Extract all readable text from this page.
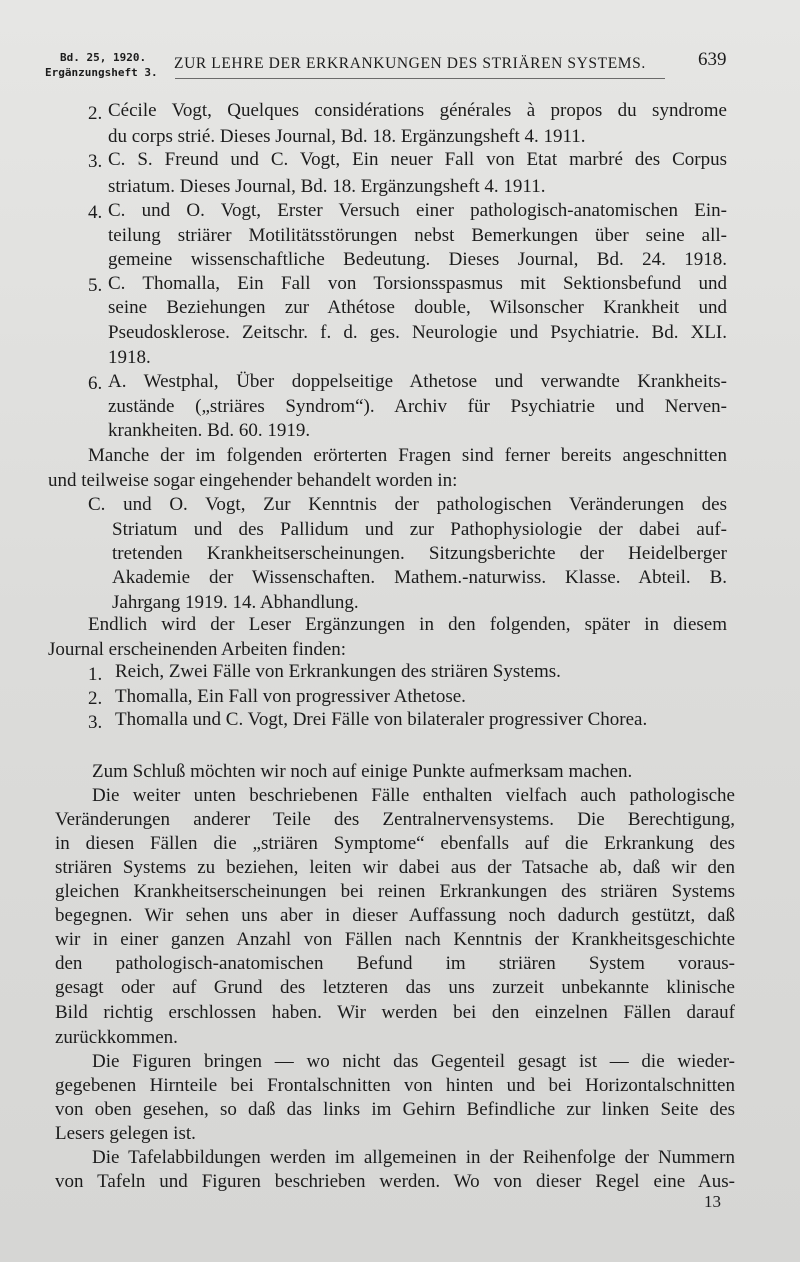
Bd. 25, 1920.
Ergänzungsheft 3.
ZUR LEHRE DER ERKRANKUNGEN DES STRIÄREN SYSTEMS.	639
2. Cécile Vogt, Quelques considérations générales à propos du syndrome
du corps strié. Dieses Journal, Bd. 18. Ergänzungsheft 4. 1911.
3. C. S. Freund und C. Vogt, Ein neuer Fall von Etat marbré des Corpus
striatum. Dieses Journal, Bd. 18. Ergänzungsheft 4. 1911.
4. C. und O. Vogt, Erster Versuch einer pathologisch-anatomischen Ein-
teilung striärer Motilitätsstörungen nebst Bemerkungen über seine all-
gemeine wissenschaftliche Bedeutung. Dieses Journal, Bd. 24. 1918.
5. C. Thomalla, Ein Fall von Torsionsspasmus mit Sektionsbefund und
seine Beziehungen zur Athétose double, Wilsonscher Krankheit und
Pseudosklerose. Zeitschr. f. d. ges. Neurologie und Psychiatrie. Bd. XLI.
1918.
6. A. Westphal, Über doppelseitige Athetose und verwandte Krankheits-
zustände („striäres Syndrom“). Archiv für Psychiatrie und Nerven-
krankheiten. Bd. 60. 1919.
Manche der im folgenden erörterten Fragen sind ferner bereits angeschnitten
und teilweise sogar eingehender behandelt worden in:
C. und O. Vogt, Zur Kenntnis der pathologischen Veränderungen des
Striatum und des Pallidum und zur Pathophysiologie der dabei auf-
tretenden Krankheitserscheinungen. Sitzungsberichte der Heidelberger
Akademie der Wissenschaften. Mathem.-naturwiss. Klasse. Abteil. B.
Jahrgang 1919. 14. Abhandlung.
Endlich wird der Leser Ergänzungen in den folgenden, später in diesem
Journal erscheinenden Arbeiten finden:
1. Reich, Zwei Fälle von Erkrankungen des striären Systems.
2. Thomalla, Ein Fall von progressiver Athetose.
3. Thomalla und C. Vogt, Drei Fälle von bilateraler progressiver Chorea.
Zum Schluß möchten wir noch auf einige Punkte aufmerksam machen.
Die weiter unten beschriebenen Fälle enthalten vielfach auch pathologische
Veränderungen anderer Teile des Zentralnervensystems. Die Berechtigung,
in diesen Fällen die „striären Symptome“ ebenfalls auf die Erkrankung des
striären Systems zu beziehen, leiten wir dabei aus der Tatsache ab, daß wir den
gleichen Krankheitserscheinungen bei reinen Erkrankungen des striären Systems
begegnen. Wir sehen uns aber in dieser Auffassung noch dadurch gestützt, daß
wir in einer ganzen Anzahl von Fällen nach Kenntnis der Krankheitsgeschichte
den pathologisch-anatomischen Befund im striären System voraus-
gesagt oder auf Grund des letzteren das uns zurzeit unbekannte klinische
Bild richtig erschlossen haben. Wir werden bei den einzelnen Fällen darauf
zurückkommen.
Die Figuren bringen — wo nicht das Gegenteil gesagt ist — die wieder-
gegebenen Hirnteile bei Frontalschnitten von hinten und bei Horizontalschnitten
von oben gesehen, so daß das links im Gehirn Befindliche zur linken Seite des
Lesers gelegen ist.
Die Tafelabbildungen werden im allgemeinen in der Reihenfolge der Nummern
von Tafeln und Figuren beschrieben werden. Wo von dieser Regel eine Aus-
13
